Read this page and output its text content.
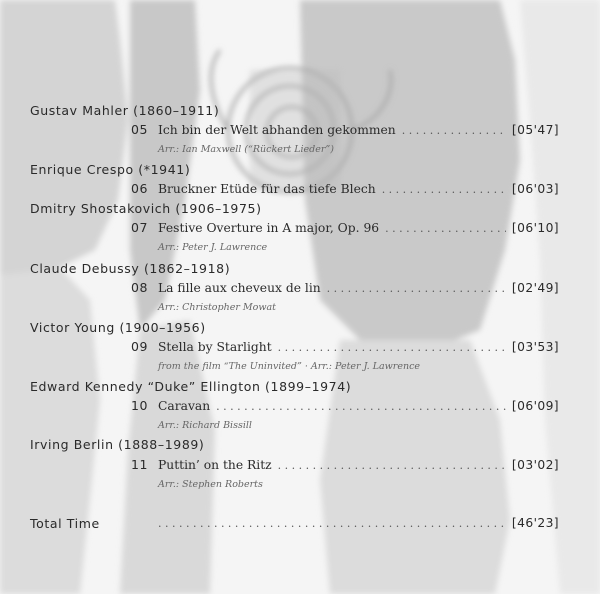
Gustav Mahler (1860–1911)
05 Ich bin der Welt abhanden gekommen . . .	[05'47]
Arr.: Ian Maxwell (“Rückert Lieder”)
Enrique Crespo (*1941)
06 Bruckner Etüde für das tiefe Blech . . .	[06'03]
Dmitry Shostakovich (1906–1975)
07 Festive Overture in A major, Op. 96 . . .	[06'10]
Arr.: Peter J. Lawrence
Claude Debussy (1862–1918)
08 La fille aux cheveux de lin . . .	[02'49]
Arr.: Christopher Mowat
Victor Young (1900–1956)
09 Stella by Starlight . . .	[03'53]
from the film “The Uninvited” · Arr.: Peter J. Lawrence
Edward Kennedy “Duke” Ellington (1899–1974)
10 Caravan . . .	[06'09]
Arr.: Richard Bissill
Irving Berlin (1888–1989)
11 Puttin’ on the Ritz . . .	[03'02]
Arr.: Stephen Roberts
Total Time . . .	[46'23]
